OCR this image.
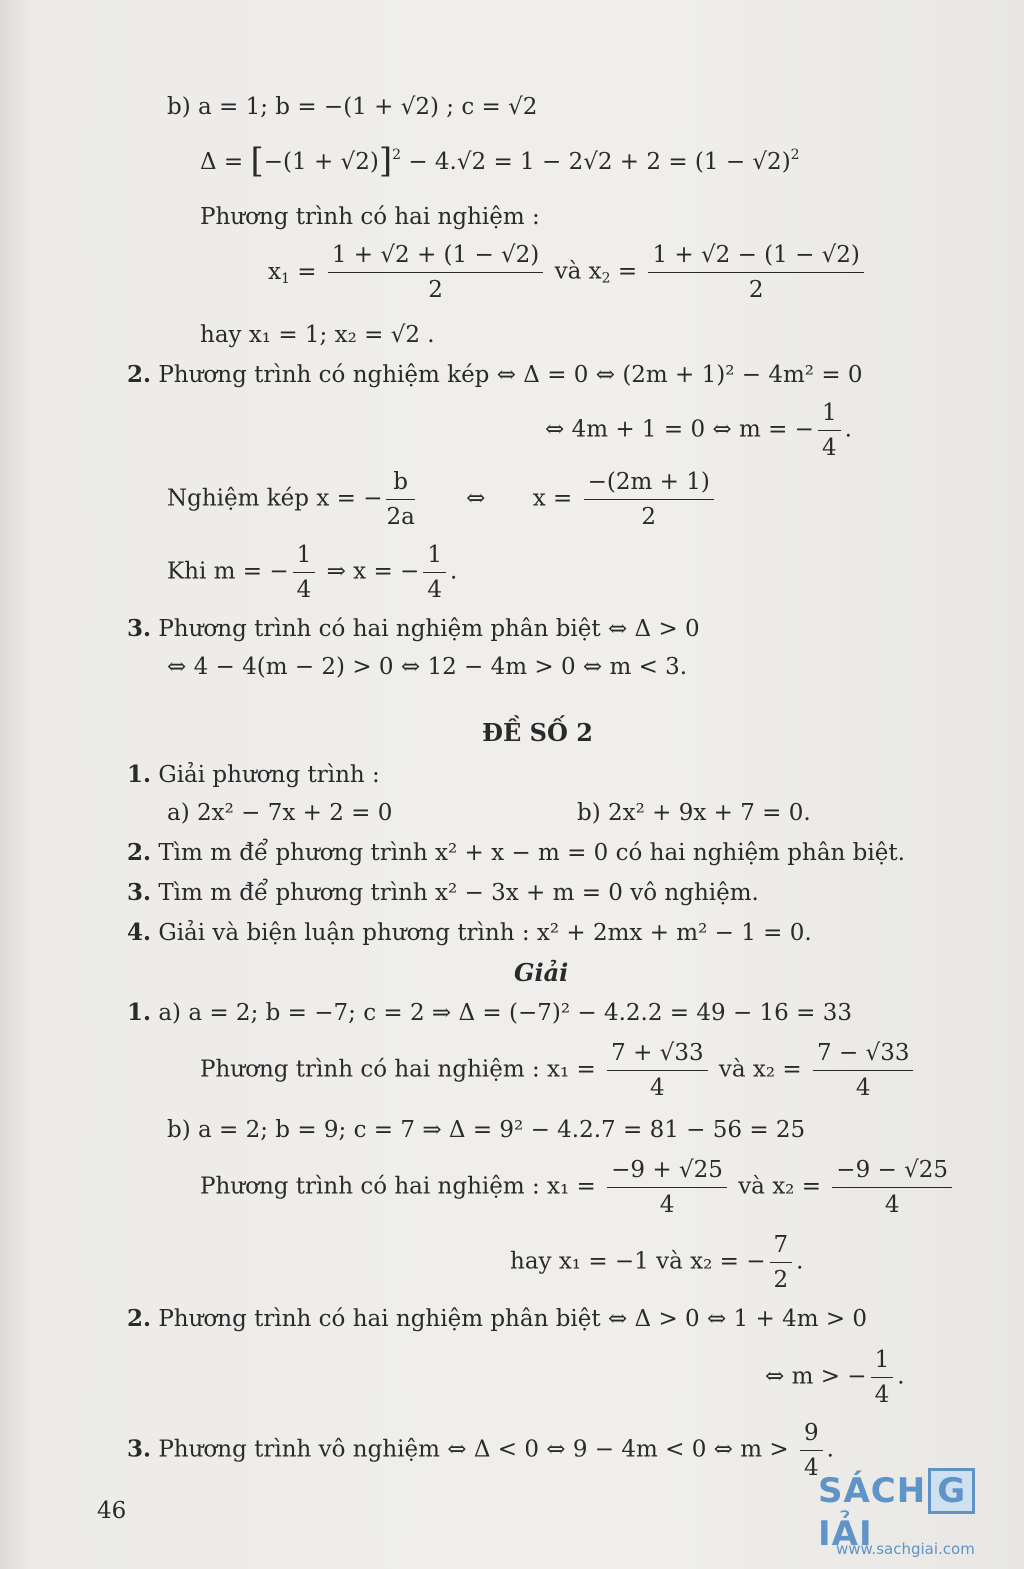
b) a = 1; b = −(1 + √2) ; c = √2
$\Delta = [-(1 + √2)]^2 - 4.√2 = 1 - 2√2 + 2 = (1 - √2)^2$
Phương trình có hai nghiệm :
$x_1 = \frac{1 + √2 + (1 - √2)}{2}$ và $x_2 = \frac{1 + √2 - (1 - √2)}{2}$
hay x₁ = 1; x₂ = √2 .
2. Phương trình có nghiệm kép ⇔ Δ = 0 ⇔ (2m + 1)² − 4m² = 0
⇔ 4m + 1 = 0 ⇔ m = − $\frac{1}{4}$ .
Nghiệm kép x = − $\frac{b}{2a}$ ⇔ $x = \frac{-(2m + 1)}{2}$
Khi m = − $\frac{1}{4}$ ⇒ x = − $\frac{1}{4}$ .
3. Phương trình có hai nghiệm phân biệt ⇔ Δ > 0
⇔ 4 − 4(m − 2) > 0 ⇔ 12 − 4m > 0 ⇔ m < 3.
ĐỀ SỐ 2
1. Giải phương trình :
a) 2x² − 7x + 2 = 0	b) 2x² + 9x + 7 = 0.
2. Tìm m để phương trình x² + x − m = 0 có hai nghiệm phân biệt.
3. Tìm m để phương trình x² − 3x + m = 0 vô nghiệm.
4. Giải và biện luận phương trình : x² + 2mx + m² − 1 = 0.
Giải
1. a) a = 2; b = −7; c = 2 ⇒ Δ = (−7)² − 4.2.2 = 49 − 16 = 33
Phương trình có hai nghiệm : $x_1 = \frac{7 + √33}{4}$ và $x_2 = \frac{7 - √33}{4}$
b) a = 2; b = 9; c = 7 ⇒ Δ = 9² − 4.2.7 = 81 − 56 = 25
Phương trình có hai nghiệm : $x_1 = \frac{-9 + √25}{4}$ và $x_2 = \frac{-9 - √25}{4}$
hay x₁ = −1 và x₂ = − $\frac{7}{2}$ .
2. Phương trình có hai nghiệm phân biệt ⇔ Δ > 0 ⇔ 1 + 4m > 0
⇔ m > − $\frac{1}{4}$ .
3. Phương trình vô nghiệm ⇔ Δ < 0 ⇔ 9 − 4m < 0 ⇔ $m > \frac{9}{4}$ .
46	SÁCH GIẢI
www.sachgiai.com
